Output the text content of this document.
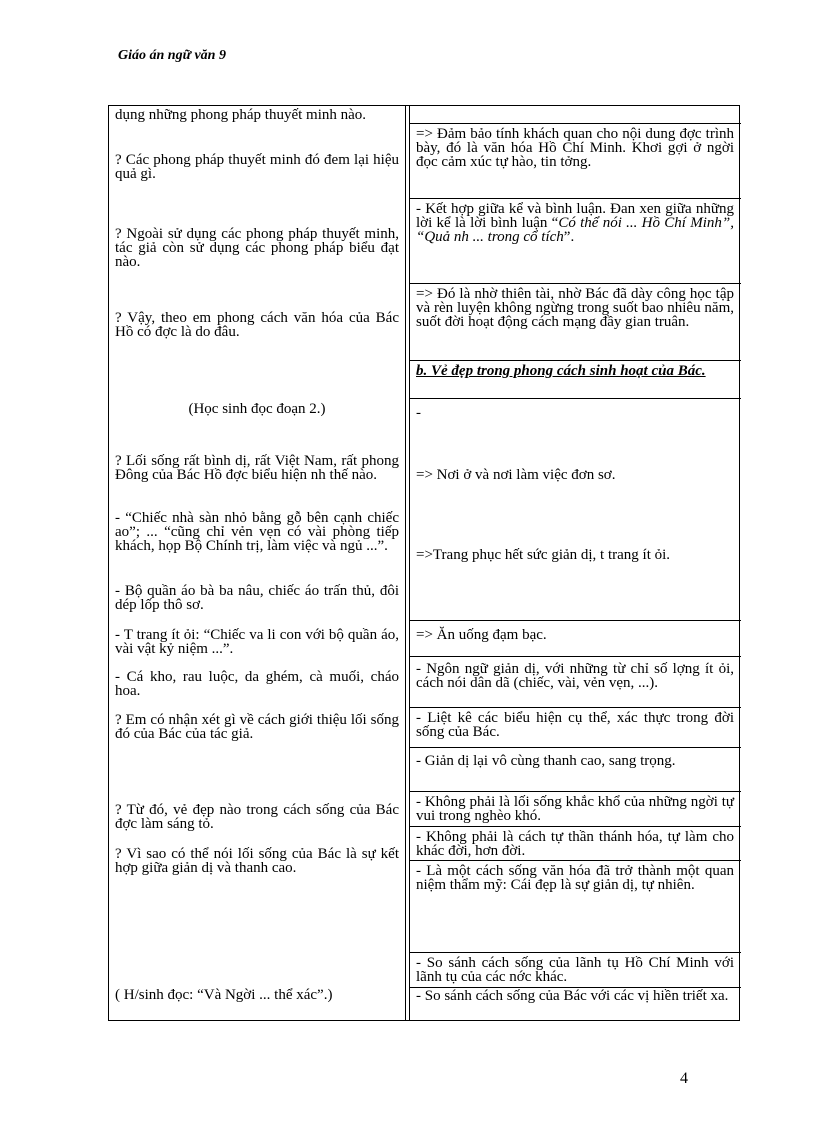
Giáo án ngữ văn 9
dụng những phong pháp thuyết minh nào.
? Các phong pháp thuyết minh đó đem lại hiệu quả gì.
? Ngoài sử dụng các phong pháp thuyết minh, tác giả còn sử dụng các phong pháp biểu đạt nào.
? Vậy, theo em phong cách văn hóa của Bác Hồ có đợc là do đâu.
(Học sinh đọc đoạn 2.)
? Lối sống rất bình dị, rất Việt Nam, rất phong Đông của Bác Hồ đợc biểu hiện nh thế nào.
- “Chiếc nhà sàn nhỏ bằng gỗ bên cạnh chiếc ao”; ... “cũng chỉ vẻn vẹn có vài phòng tiếp khách, họp Bộ Chính trị, làm việc và ngủ ...”.
- Bộ quần áo bà ba nâu, chiếc áo trấn thủ, đôi dép lốp thô sơ.
- T trang ít ỏi: “Chiếc va li con với bộ quần áo, vài vật kỷ niệm ...”.
- Cá kho, rau luộc, da ghém, cà muối, cháo hoa.
? Em có nhận xét gì về cách giới thiệu lối sống đó của Bác của tác giả.
? Từ đó, vẻ đẹp nào trong cách sống của Bác đợc làm sáng tỏ.
? Vì sao có thể nói lối sống của Bác là sự kết hợp giữa giản dị và thanh cao.
( H/sinh đọc: “Và Ngời ... thể xác”.)
=> Đảm bảo tính khách quan cho nội dung đợc trình bày, đó là văn hóa Hồ Chí Minh. Khơi gợi ở ngời đọc cảm xúc tự hào, tin tởng.
- Kết hợp giữa kể và bình luận. Đan xen giữa những lời kể là lời bình luận “Có thể nói ... Hồ Chí Minh”, “Quả nh ... trong cổ tích”.
=> Đó là nhờ thiên tài, nhờ Bác đã dày công học tập và rèn luyện không ngừng trong suốt bao nhiêu năm, suốt đời hoạt động cách mạng đầy gian truân.
b. Vẻ đẹp trong phong cách sinh hoạt của Bác.
-
=> Nơi ở và nơi làm việc đơn sơ.
=>Trang phục hết sức giản dị, t trang ít ỏi.
=> Ăn uống đạm bạc.
- Ngôn ngữ giản dị, với những từ chỉ số lợng ít ỏi, cách nói dân dã (chiếc, vài, vẻn vẹn, ...).
- Liệt kê các biểu hiện cụ thể, xác thực trong đời sống của Bác.
- Giản dị lại vô cùng thanh cao, sang trọng.
- Không phải là lối sống khắc khổ của những ngời tự vui trong nghèo khó.
- Không phải là cách tự thần thánh hóa, tự làm cho khác đời, hơn đời.
- Là một cách sống văn hóa đã trở thành một quan niệm thẩm mỹ: Cái đẹp là sự giản dị, tự nhiên.
- So sánh cách sống của lãnh tụ Hồ Chí Minh với lãnh tụ của các nớc khác.
- So sánh cách sống của Bác với các vị hiền triết xa.
4
